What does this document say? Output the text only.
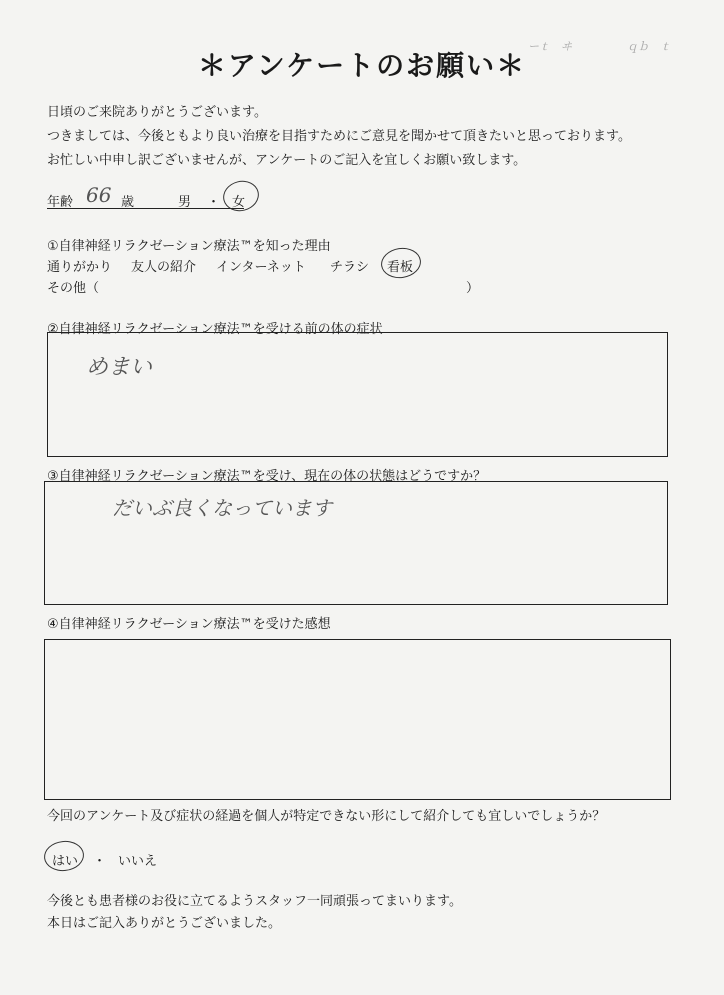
＊アンケートのお願い＊
ーｔ　ヰ　　　　　ｑｂ　ｔ
日頃のご来院ありがとうございます。
つきましては、今後ともより良い治療を目指すためにご意見を聞かせて頂きたいと思っております。
お忙しい中申し訳ございませんが、アンケートのご記入を宜しくお願い致します。
年齢 66 歳	男 ・ 女
①自律神経リラクゼーション療法™を知った理由
通りがかり 友人の紹介 インターネット チラシ 看板
その他（	）
②自律神経リラクゼーション療法™を受ける前の体の症状
めまい
③自律神経リラクゼーション療法™を受け、現在の体の状態はどうですか？
だいぶ良くなっています
④自律神経リラクゼーション療法™を受けた感想
今回のアンケート及び症状の経過を個人が特定できない形にして紹介しても宜しいでしょうか？
はい ・ いいえ
今後とも患者様のお役に立てるようスタッフ一同頑張ってまいります。
本日はご記入ありがとうございました。
